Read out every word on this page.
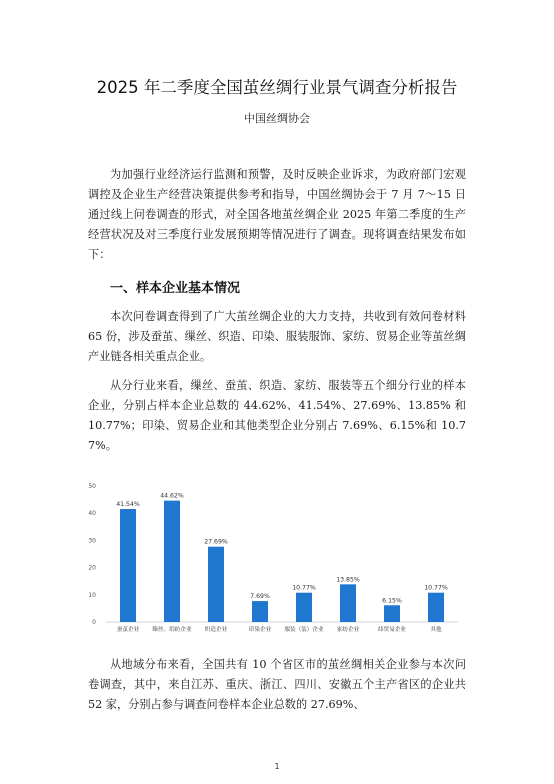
2025 年二季度全国茧丝绸行业景气调查分析报告
中国丝绸协会

为加强行业经济运行监测和预警，及时反映企业诉求，为政府部门宏观调控及企业生产经营决策提供参考和指导，中国丝绸协会于 7 月 7～15 日通过线上问卷调查的形式，对全国各地茧丝绸企业 2025 年第二季度的生产经营状况及对三季度行业发展预期等情况进行了调查。现将调查结果发布如下：

一、样本企业基本情况

本次问卷调查得到了广大茧丝绸企业的大力支持，共收到有效问卷材料 65 份，涉及蚕茧、缫丝、织造、印染、服装服饰、家纺、贸易企业等茧丝绸产业链各相关重点企业。

从分行业来看，缫丝、蚕茧、织造、家纺、服装等五个细分行业的样本企业，分别占样本企业总数的 44.62%、41.54%、27.69%、13.85% 和 10.77%；印染、贸易企业和其他类型企业分别占 7.69%、6.15%和 10.77%。

0
10
20
30
40
50
41.54%
蚕茧企业
44.62%
缫丝、绢纺企业
27.69%
织造企业
7.69%
印染企业
10.77%
服装（装）企业
13.85%
家纺企业
6.15%
纬贸易企业
10.77%
其他

从地域分布来看，全国共有 10 个省区市的茧丝绸相关企业参与本次问卷调查，其中，来自江苏、重庆、浙江、四川、安徽五个主产省区的企业共 52 家，分别占参与调查问卷样本企业总数的 27.69%、

1
